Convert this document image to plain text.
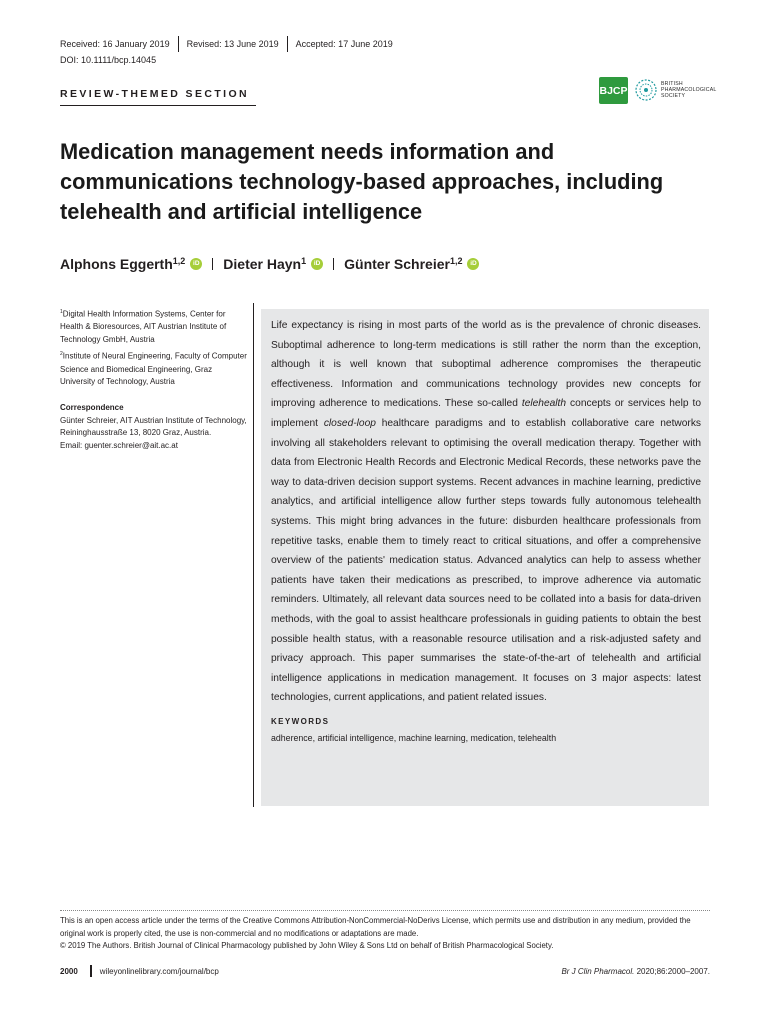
Received: 16 January 2019	Revised: 13 June 2019	Accepted: 17 June 2019
DOI: 10.1111/bcp.14045
REVIEW-THEMED SECTION	BJCP
BRITISH
PHARMACOLOGICAL
SOCIETY
Medication management needs information and communications technology-based approaches, including telehealth and artificial intelligence
Alphons Eggerth$^{1,2}$	iD Dieter Hayn$^1$	iD Günter Schreier$^{1,2}$	iD

$^1$Digital Health Information Systems, Center for Health & Bioresources, AIT Austrian Institute of Technology GmbH, Austria

$^2$Institute of Neural Engineering, Faculty of Computer Science and Biomedical Engineering, Graz University of Technology, Austria

Correspondence
Günter Schreier, AIT Austrian Institute of Technology, Reininghausstraße 13, 8020 Graz, Austria.
Email: guenter.schreier@ait.ac.at

Life expectancy is rising in most parts of the world as is the prevalence of chronic diseases. Suboptimal adherence to long-term medications is still rather the norm than the exception, although it is well known that suboptimal adherence compromises the therapeutic effectiveness. Information and communications technology provides new concepts for improving adherence to medications. These so-called telehealth concepts or services help to implement closed-loop healthcare paradigms and to establish collaborative care networks involving all stakeholders relevant to optimising the overall medication therapy. Together with data from Electronic Health Records and Electronic Medical Records, these networks pave the way to data-driven decision support systems. Recent advances in machine learning, predictive analytics, and artificial intelligence allow further steps towards fully autonomous telehealth systems. This might bring advances in the future: disburden healthcare professionals from repetitive tasks, enable them to timely react to critical situations, and offer a comprehensive overview of the patients' medication status. Advanced analytics can help to assess whether patients have taken their medications as prescribed, to improve adherence via automatic reminders. Ultimately, all relevant data sources need to be collated into a basis for data-driven methods, with the goal to assist healthcare professionals in guiding patients to obtain the best possible health status, with a reasonable resource utilisation and a risk-adjusted safety and privacy approach. This paper summarises the state-of-the-art of telehealth and artificial intelligence applications in medication management. It focuses on 3 major aspects: latest technologies, current applications, and patient related issues.

KEYWORDS
adherence, artificial intelligence, machine learning, medication, telehealth

This is an open access article under the terms of the Creative Commons Attribution-NonCommercial-NoDerivs License, which permits use and distribution in any medium, provided the original work is properly cited, the use is non-commercial and no modifications or adaptations are made.

© 2019 The Authors. British Journal of Clinical Pharmacology published by John Wiley & Sons Ltd on behalf of British Pharmacological Society.

2000	wileyonlinelibrary.com/journal/bcp	Br J Clin Pharmacol. 2020;86:2000–2007.
